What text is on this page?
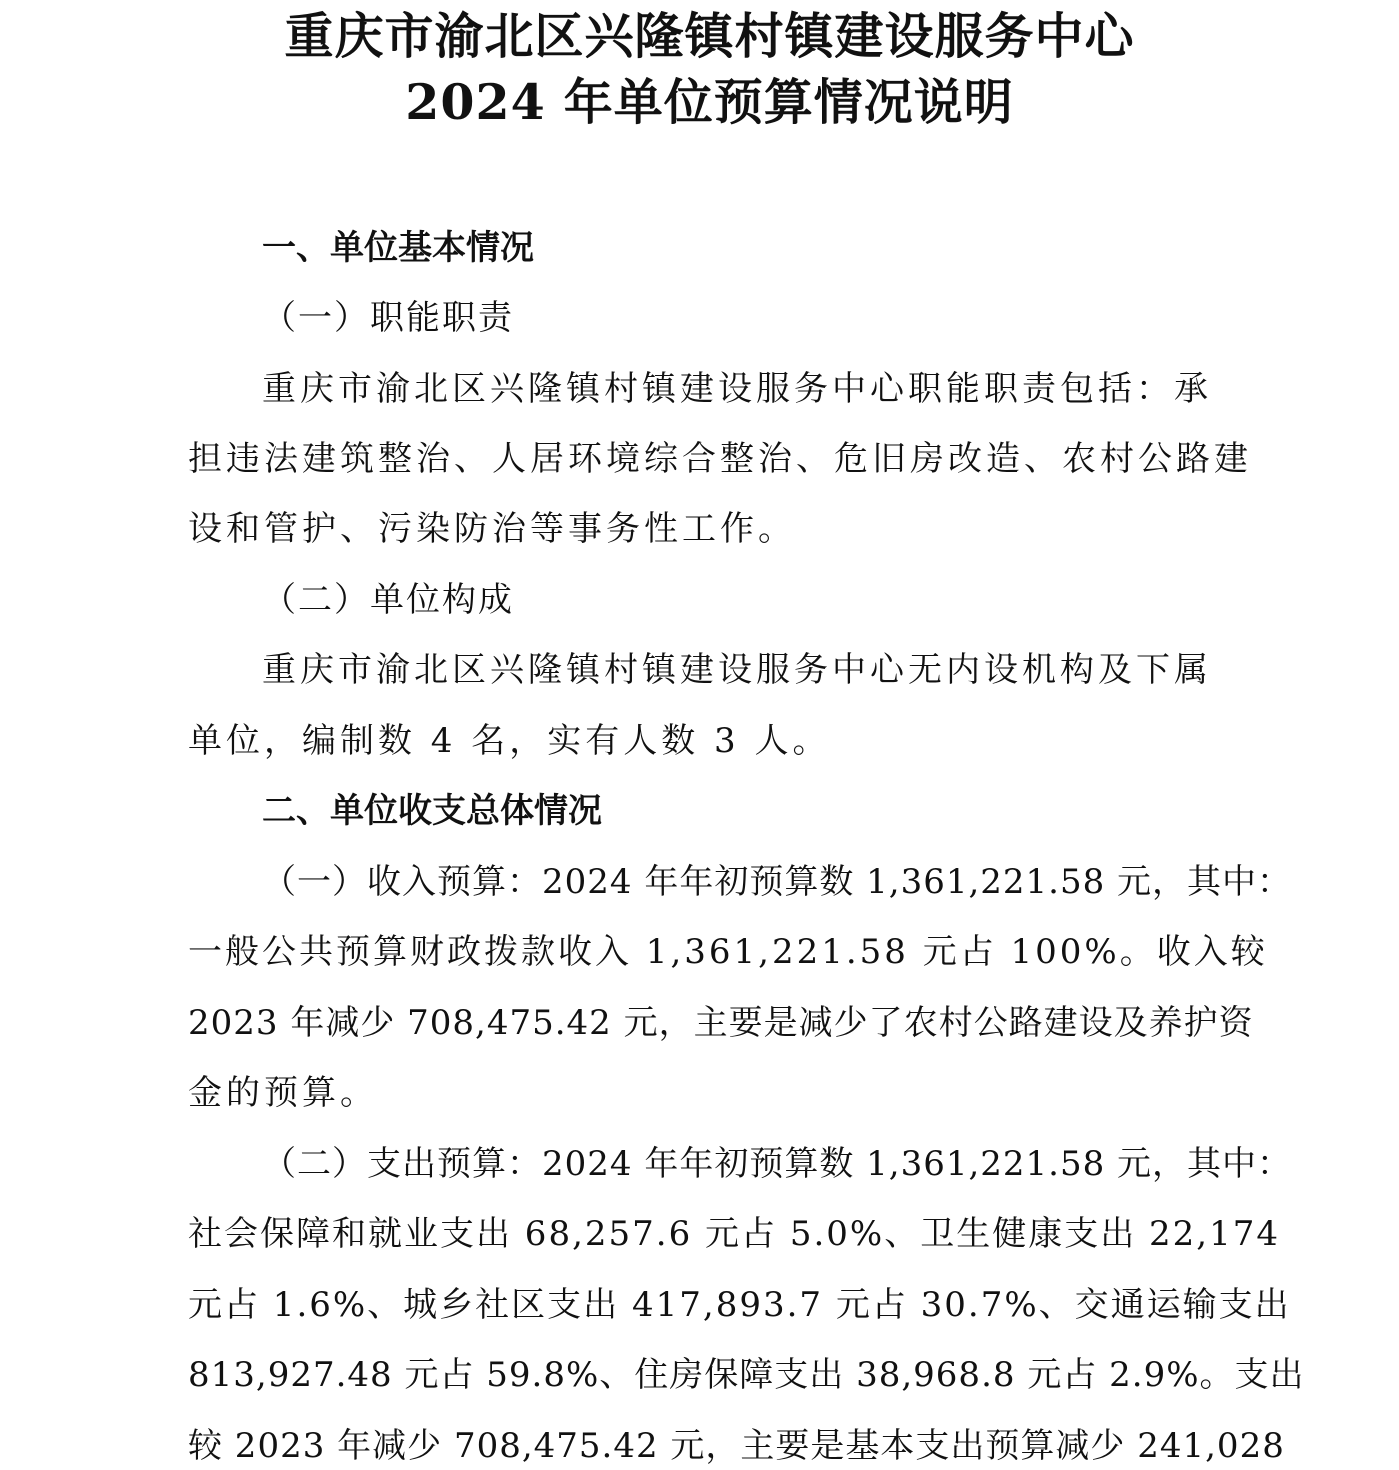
重庆市渝北区兴隆镇村镇建设服务中心
2024 年单位预算情况说明
一、单位基本情况
（一）职能职责
重庆市渝北区兴隆镇村镇建设服务中心职能职责包括：承
担违法建筑整治、人居环境综合整治、危旧房改造、农村公路建
设和管护、污染防治等事务性工作。
（二）单位构成
重庆市渝北区兴隆镇村镇建设服务中心无内设机构及下属
单位，编制数 4 名，实有人数 3 人。
二、单位收支总体情况
（一）收入预算：2024 年年初预算数 1,361,221.58 元，其中：
一般公共预算财政拨款收入 1,361,221.58 元占 100%。收入较
2023 年减少 708,475.42 元，主要是减少了农村公路建设及养护资
金的预算。
（二）支出预算：2024 年年初预算数 1,361,221.58 元，其中：
社会保障和就业支出 68,257.6 元占 5.0%、卫生健康支出 22,174
元占 1.6%、城乡社区支出 417,893.7 元占 30.7%、交通运输支出
813,927.48 元占 59.8%、住房保障支出 38,968.8 元占 2.9%。支出
较 2023 年减少 708,475.42 元，主要是基本支出预算减少 241,028
